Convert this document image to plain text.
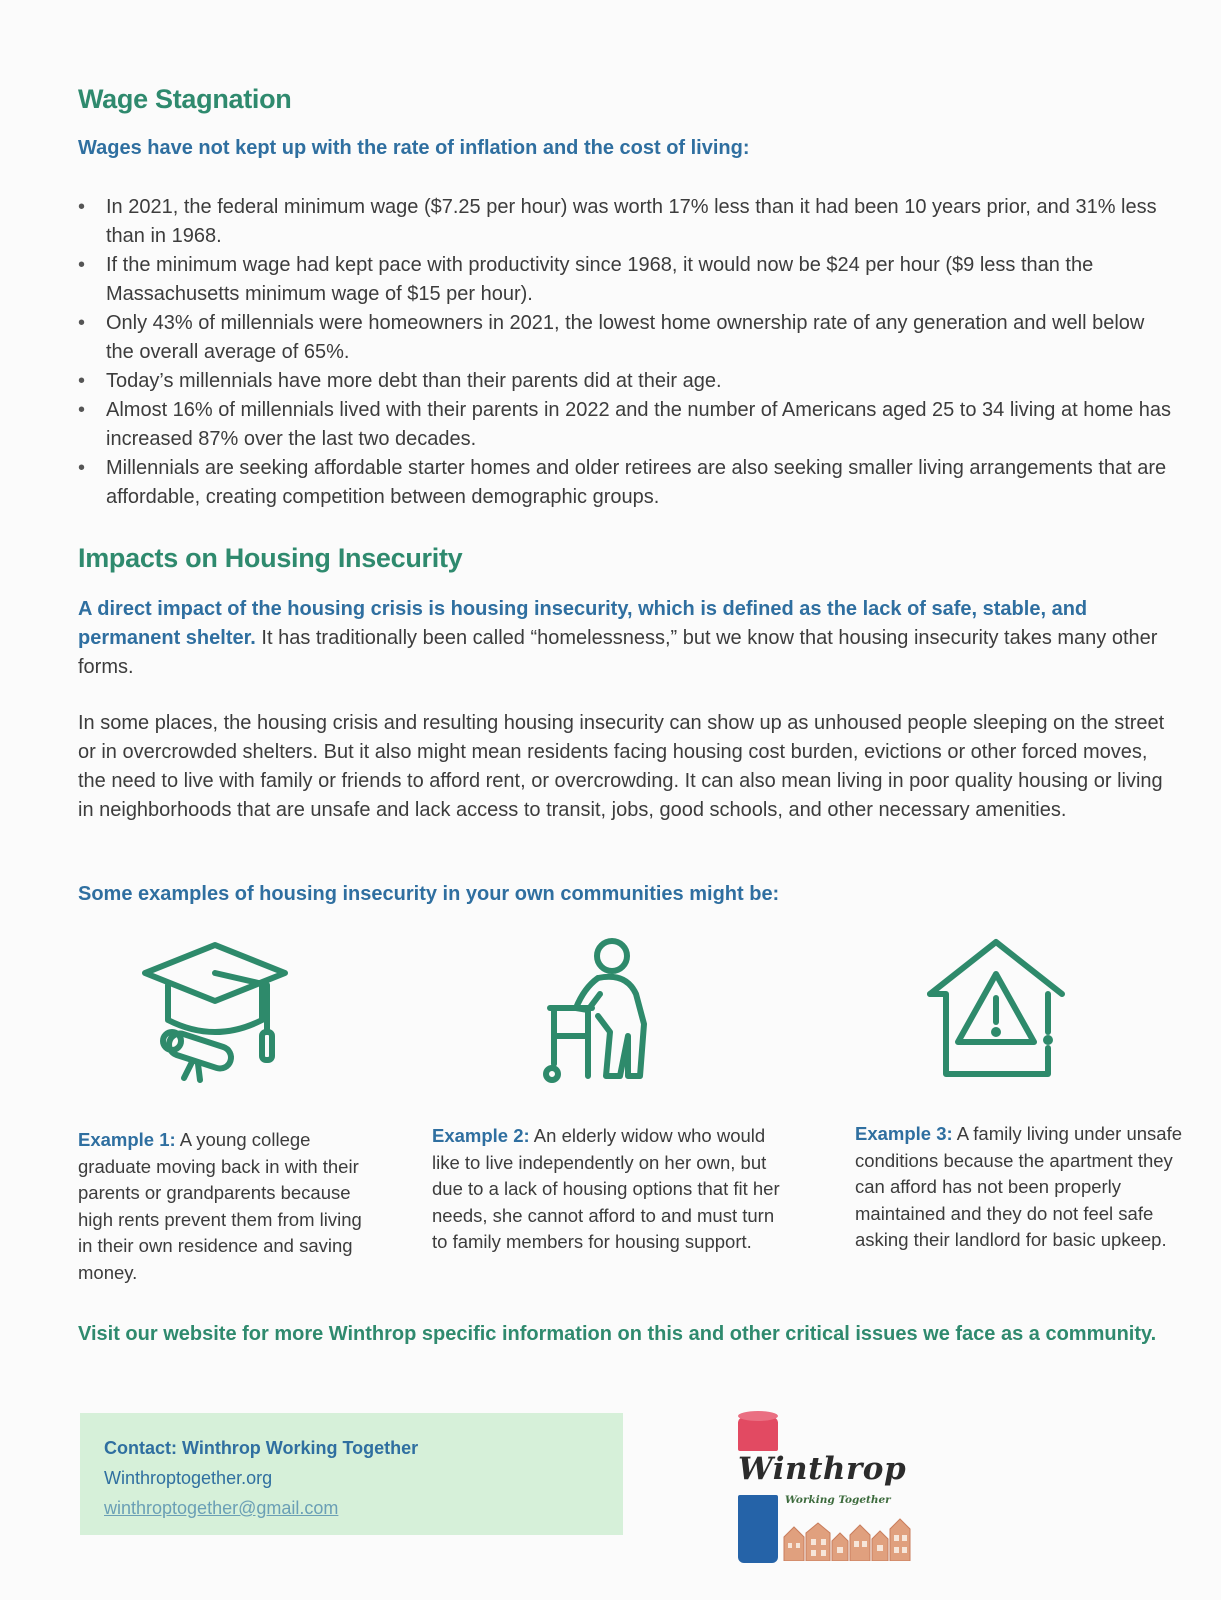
Wage Stagnation
Wages have not kept up with the rate of inflation and the cost of living:
• In 2021, the federal minimum wage ($7.25 per hour) was worth 17% less than it had been 10 years prior, and 31% less than in 1968.
• If the minimum wage had kept pace with productivity since 1968, it would now be $24 per hour ($9 less than the Massachusetts minimum wage of $15 per hour).
• Only 43% of millennials were homeowners in 2021, the lowest home ownership rate of any generation and well below the overall average of 65%.
• Today’s millennials have more debt than their parents did at their age.
• Almost 16% of millennials lived with their parents in 2022 and the number of Americans aged 25 to 34 living at home has increased 87% over the last two decades.
• Millennials are seeking affordable starter homes and older retirees are also seeking smaller living arrangements that are affordable, creating competition between demographic groups.
Impacts on Housing Insecurity

A direct impact of the housing crisis is housing insecurity, which is defined as the lack of safe, stable, and permanent shelter. It has traditionally been called “homelessness,” but we know that housing insecurity takes many other forms.

In some places, the housing crisis and resulting housing insecurity can show up as unhoused people sleeping on the street or in overcrowded shelters. But it also might mean residents facing housing cost burden, evictions or other forced moves, the need to live with family or friends to afford rent, or overcrowding. It can also mean living in poor quality housing or living in neighborhoods that are unsafe and lack access to transit, jobs, good schools, and other necessary amenities.

Some examples of housing insecurity in your own communities might be:
Example 1: A young college graduate moving back in with their parents or grandparents because high rents prevent them from living in their own residence and saving money.
Example 2: An elderly widow who would like to live independently on her own, but due to a lack of housing options that fit her needs, she cannot afford to and must turn to family members for housing support.
Example 3: A family living under unsafe conditions because the apartment they can afford has not been properly maintained and they do not feel safe asking their landlord for basic upkeep.

Visit our website for more Winthrop specific information on this and other critical issues we face as a community.

Contact: Winthrop Working Together
Winthroptogether.org
winthroptogether@gmail.com
Winthrop
Working Together
